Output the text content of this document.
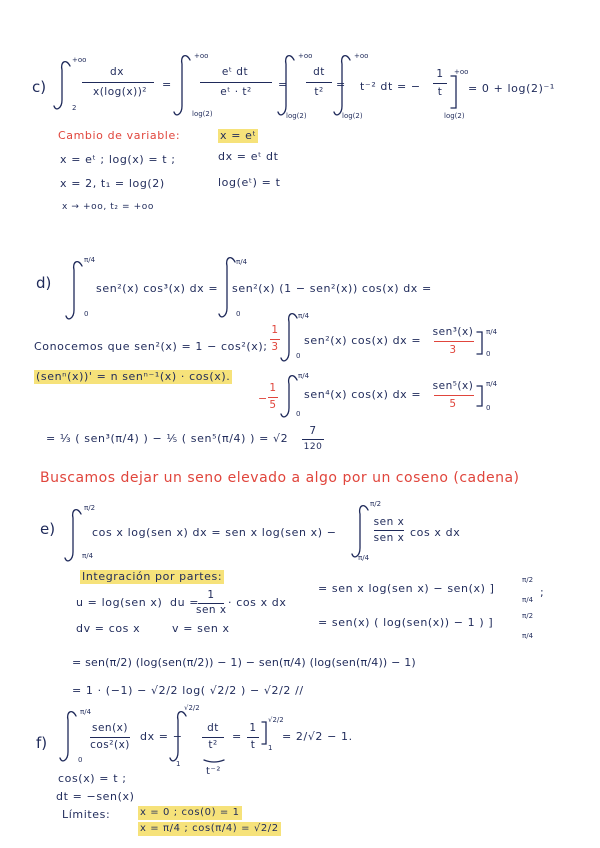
c)
+oo
2
dx
x(log(x))²
=
+oo
log(2)
eᵗ dt
eᵗ · t²
=
+oo
log(2)
dt
t²
=
+oo
log(2)
t⁻² dt = −
1
t
+oo
log(2)
= 0 + log(2)⁻¹
Cambio de variable:	x = eᵗ
x = eᵗ ; log(x) = t ;	dx = eᵗ dt
x = 2, t₁ = log(2)	log(eᵗ) = t
x → +oo, t₂ = +oo
d)
π/4
0
sen²(x) cos³(x) dx =
π/4
0
sen²(x) (1 − sen²(x)) cos(x) dx =
Conocemos que sen²(x) = 1 − cos²(x);
1
3
π/4
0
sen²(x) cos(x) dx =
sen³(x)
3
π/4
0
(senⁿ(x))' = n senⁿ⁻¹(x) · cos(x).
−
1
5
π/4
0
sen⁴(x) cos(x) dx =
sen⁵(x)
5
π/4
0
= ⅓ ( sen³(π/4) ) − ⅕ ( sen⁵(π/4) ) = √2
7
120
Buscamos dejar un seno elevado a algo por un coseno (cadena)
e)
π/2
π/4
cos x log(sen x) dx = sen x log(sen x) −
π/2
π/4
sen x
sen x cos x dx
Integración por partes:
u = log(sen x) du =
1
sen x
· cos x dx
dv = cos x	v = sen x
= sen x log(sen x) − sen(x) ]
π/2
π/4
;
= sen(x) ( log(sen(x)) − 1 ) ]	π/2
π/4
= sen(π/2) (log(sen(π/2)) − 1) − sen(π/4) (log(sen(π/4)) − 1)
= 1 · (−1) − √2/2 log( √2/2 ) − √2/2 //
f)
π/4
0
sen(x)
cos²(x)
dx = −
√2/2
1
dt
t²
t⁻²
=
1
t
√2/2
1
= 2/√2 − 1.
cos(x) = t ;
dt = −sen(x)
Límites:	x = 0 ; cos(0) = 1
x = π/4 ; cos(π/4) = √2/2
